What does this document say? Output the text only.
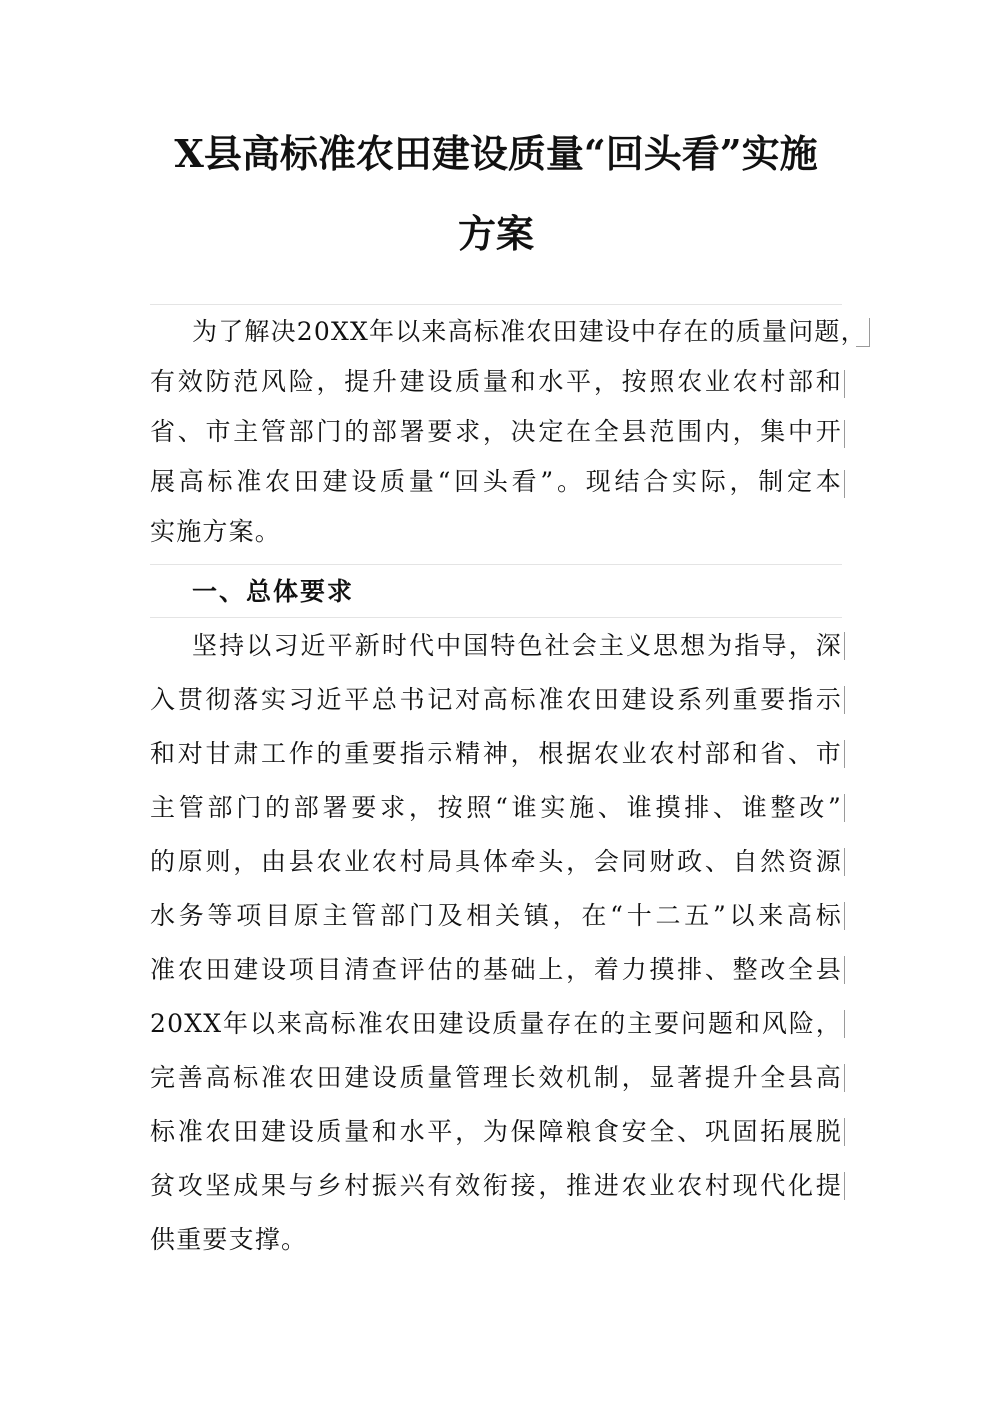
X县高标准农田建设质量“回头看”实施
方案
为了解决20XX年以来高标准农田建设中存在的质量问题，
有效防范风险，提升建设质量和水平，按照农业农村部和
省、市主管部门的部署要求，决定在全县范围内，集中开
展高标准农田建设质量“回头看”。现结合实际，制定本
实施方案。
一、总体要求
坚持以习近平新时代中国特色社会主义思想为指导，深
入贯彻落实习近平总书记对高标准农田建设系列重要指示
和对甘肃工作的重要指示精神，根据农业农村部和省、市
主管部门的部署要求，按照“谁实施、谁摸排、谁整改”
的原则，由县农业农村局具体牵头，会同财政、自然资源
水务等项目原主管部门及相关镇，在“十二五”以来高标
准农田建设项目清查评估的基础上，着力摸排、整改全县
20XX年以来高标准农田建设质量存在的主要问题和风险，
完善高标准农田建设质量管理长效机制，显著提升全县高
标准农田建设质量和水平，为保障粮食安全、巩固拓展脱
贫攻坚成果与乡村振兴有效衔接，推进农业农村现代化提
供重要支撑。
